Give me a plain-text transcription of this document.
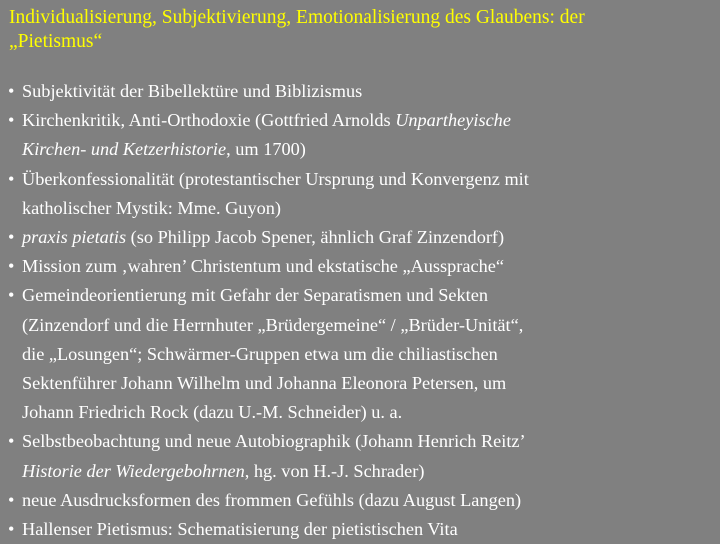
Individualisierung, Subjektivierung, Emotionalisierung des Glaubens: der
„Pietismus“
• Subjektivität der Bibellektüre und Biblizismus
• Kirchenkritik, Anti-Orthodoxie (Gottfried Arnolds Unpartheyische
Kirchen- und Ketzerhistorie, um 1700)
• Überkonfessionalität (protestantischer Ursprung und Konvergenz mit
katholischer Mystik: Mme. Guyon)
• praxis pietatis (so Philipp Jacob Spener, ähnlich Graf Zinzendorf)
• Mission zum ‚wahren’ Christentum und ekstatische „Aussprache“
• Gemeindeorientierung mit Gefahr der Separatismen und Sekten
(Zinzendorf und die Herrnhuter „Brüdergemeine“ / „Brüder-Unität“,
die „Losungen“; Schwärmer-Gruppen etwa um die chiliastischen
Sektenführer Johann Wilhelm und Johanna Eleonora Petersen, um
Johann Friedrich Rock (dazu U.-M. Schneider) u. a.
• Selbstbeobachtung und neue Autobiographik (Johann Henrich Reitz’
Historie der Wiedergebohrnen, hg. von H.-J. Schrader)
• neue Ausdrucksformen des frommen Gefühls (dazu August Langen)
• Hallenser Pietismus: Schematisierung der pietistischen Vita
